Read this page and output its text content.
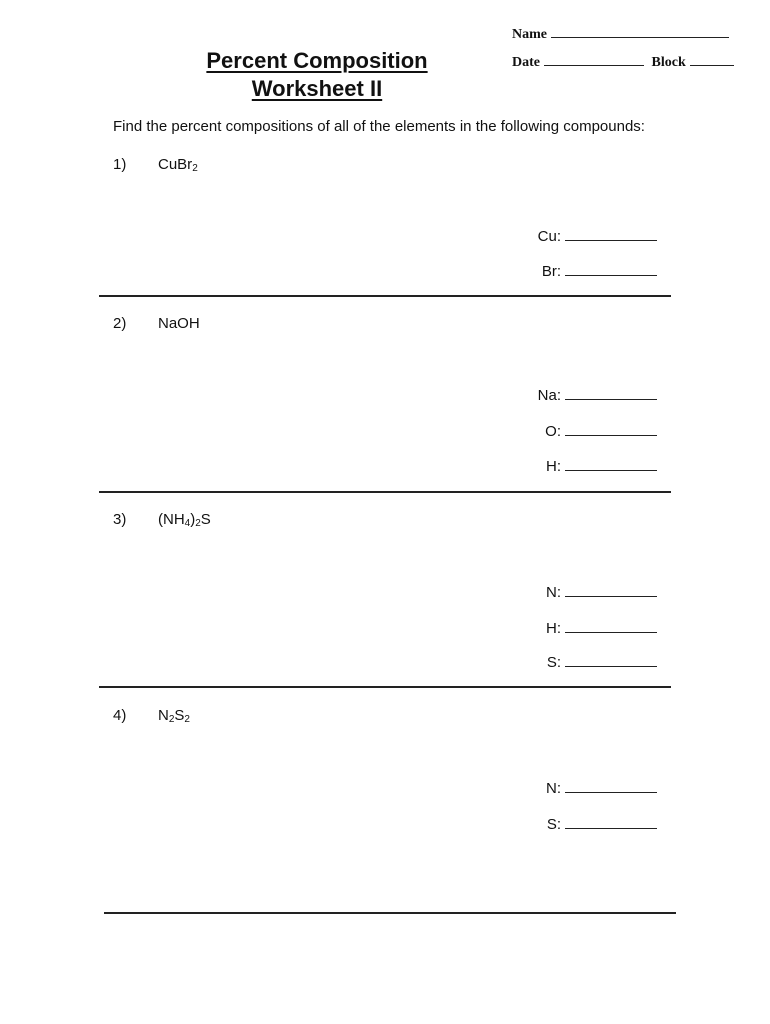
Name
Date	Block
Percent Composition
Worksheet II
Find the percent compositions of all of the elements in the following compounds:
1) CuBr$_2$
Cu:
Br:
2) NaOH
Na:
O:
H:
3) $(NH_4)_2S$
N:
H:
S:
4) $N_2S_2$
N:
S:
